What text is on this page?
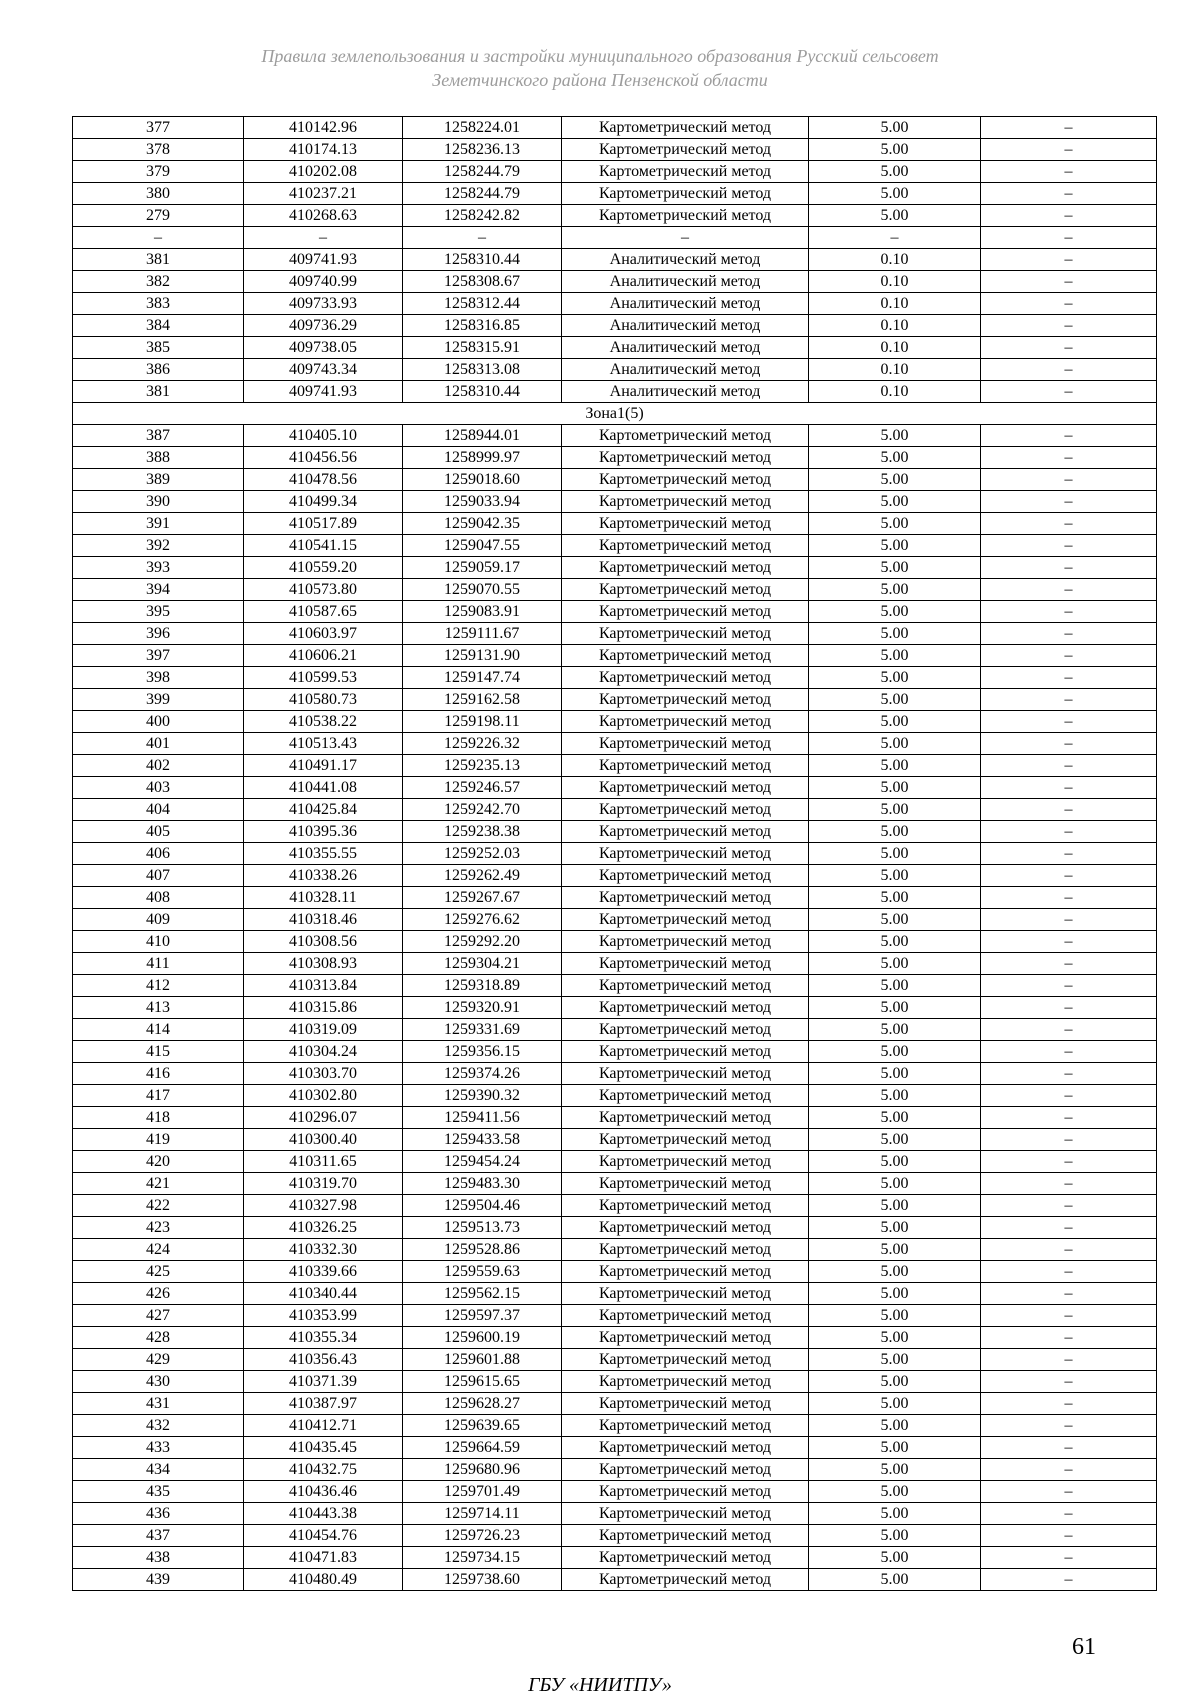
Правила землепользования и застройки муниципального образования Русский сельсовет
Земетчинского района Пензенской области
377	410142.96	1258224.01	Картометрический метод	5.00	–
378	410174.13	1258236.13	Картометрический метод	5.00	–
379	410202.08	1258244.79	Картометрический метод	5.00	–
380	410237.21	1258244.79	Картометрический метод	5.00	–
279	410268.63	1258242.82	Картометрический метод	5.00	–
–	–	–	–	–	–
381	409741.93	1258310.44	Аналитический метод	0.10	–
382	409740.99	1258308.67	Аналитический метод	0.10	–
383	409733.93	1258312.44	Аналитический метод	0.10	–
384	409736.29	1258316.85	Аналитический метод	0.10	–
385	409738.05	1258315.91	Аналитический метод	0.10	–
386	409743.34	1258313.08	Аналитический метод	0.10	–
381	409741.93	1258310.44	Аналитический метод	0.10	–
Зона1(5)					
387	410405.10	1258944.01	Картометрический метод	5.00	–
388	410456.56	1258999.97	Картометрический метод	5.00	–
389	410478.56	1259018.60	Картометрический метод	5.00	–
390	410499.34	1259033.94	Картометрический метод	5.00	–
391	410517.89	1259042.35	Картометрический метод	5.00	–
392	410541.15	1259047.55	Картометрический метод	5.00	–
393	410559.20	1259059.17	Картометрический метод	5.00	–
394	410573.80	1259070.55	Картометрический метод	5.00	–
395	410587.65	1259083.91	Картометрический метод	5.00	–
396	410603.97	1259111.67	Картометрический метод	5.00	–
397	410606.21	1259131.90	Картометрический метод	5.00	–
398	410599.53	1259147.74	Картометрический метод	5.00	–
399	410580.73	1259162.58	Картометрический метод	5.00	–
400	410538.22	1259198.11	Картометрический метод	5.00	–
401	410513.43	1259226.32	Картометрический метод	5.00	–
402	410491.17	1259235.13	Картометрический метод	5.00	–
403	410441.08	1259246.57	Картометрический метод	5.00	–
404	410425.84	1259242.70	Картометрический метод	5.00	–
405	410395.36	1259238.38	Картометрический метод	5.00	–
406	410355.55	1259252.03	Картометрический метод	5.00	–
407	410338.26	1259262.49	Картометрический метод	5.00	–
408	410328.11	1259267.67	Картометрический метод	5.00	–
409	410318.46	1259276.62	Картометрический метод	5.00	–
410	410308.56	1259292.20	Картометрический метод	5.00	–
411	410308.93	1259304.21	Картометрический метод	5.00	–
412	410313.84	1259318.89	Картометрический метод	5.00	–
413	410315.86	1259320.91	Картометрический метод	5.00	–
414	410319.09	1259331.69	Картометрический метод	5.00	–
415	410304.24	1259356.15	Картометрический метод	5.00	–
416	410303.70	1259374.26	Картометрический метод	5.00	–
417	410302.80	1259390.32	Картометрический метод	5.00	–
418	410296.07	1259411.56	Картометрический метод	5.00	–
419	410300.40	1259433.58	Картометрический метод	5.00	–
420	410311.65	1259454.24	Картометрический метод	5.00	–
421	410319.70	1259483.30	Картометрический метод	5.00	–
422	410327.98	1259504.46	Картометрический метод	5.00	–
423	410326.25	1259513.73	Картометрический метод	5.00	–
424	410332.30	1259528.86	Картометрический метод	5.00	–
425	410339.66	1259559.63	Картометрический метод	5.00	–
426	410340.44	1259562.15	Картометрический метод	5.00	–
427	410353.99	1259597.37	Картометрический метод	5.00	–
428	410355.34	1259600.19	Картометрический метод	5.00	–
429	410356.43	1259601.88	Картометрический метод	5.00	–
430	410371.39	1259615.65	Картометрический метод	5.00	–
431	410387.97	1259628.27	Картометрический метод	5.00	–
432	410412.71	1259639.65	Картометрический метод	5.00	–
433	410435.45	1259664.59	Картометрический метод	5.00	–
434	410432.75	1259680.96	Картометрический метод	5.00	–
435	410436.46	1259701.49	Картометрический метод	5.00	–
436	410443.38	1259714.11	Картометрический метод	5.00	–
437	410454.76	1259726.23	Картометрический метод	5.00	–
438	410471.83	1259734.15	Картометрический метод	5.00	–
439	410480.49	1259738.60	Картометрический метод	5.00	–
61
ГБУ «НИИТПУ»
